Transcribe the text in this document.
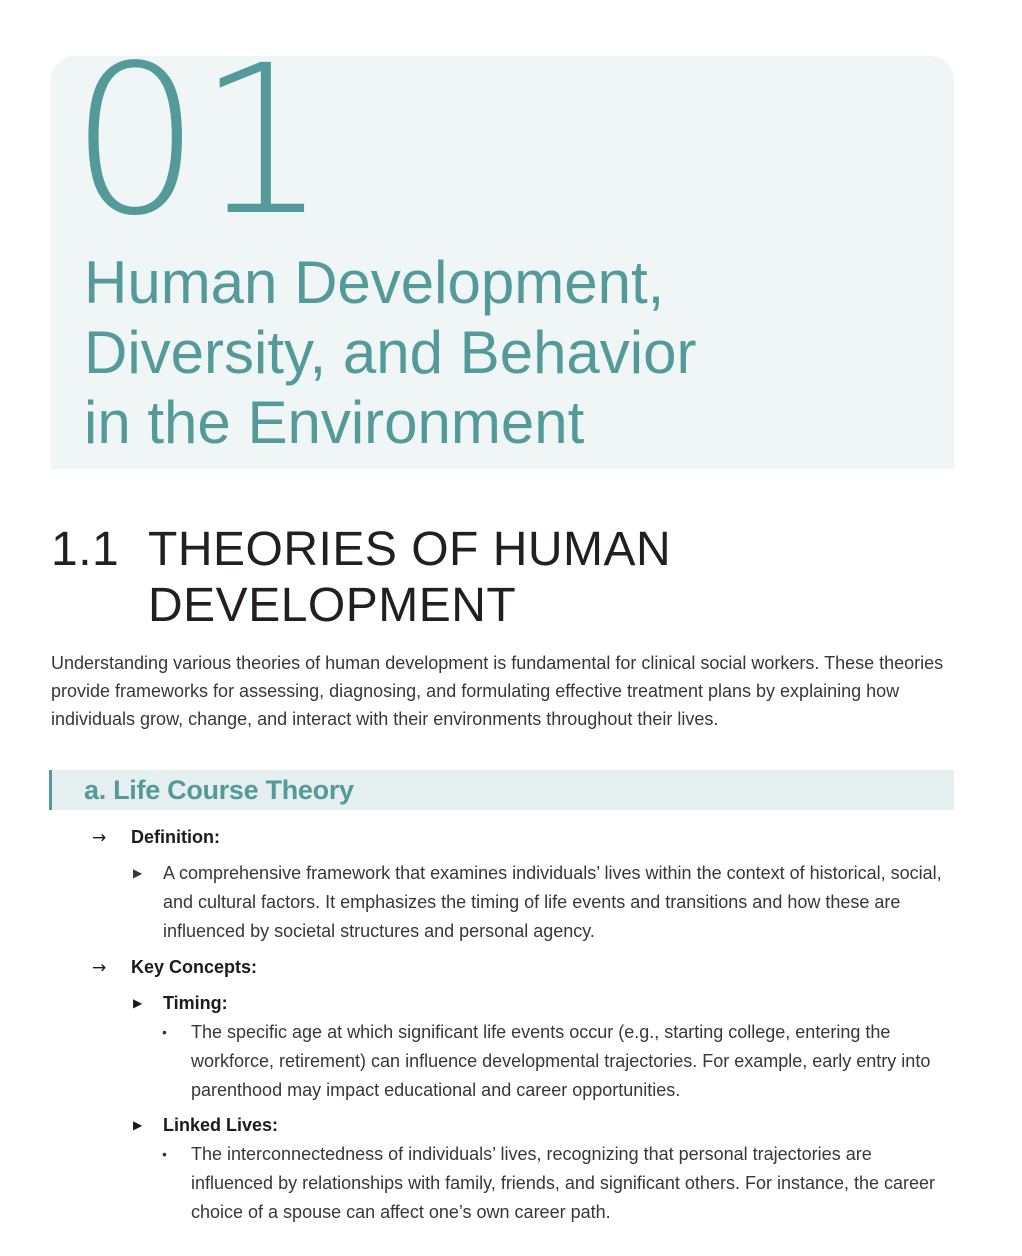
01
Human Development,
Diversity, and Behavior
in the Environment
1.1 THEORIES OF HUMAN
DEVELOPMENT

Understanding various theories of human development is fundamental for clinical social workers. These theories provide frameworks for assessing, diagnosing, and formulating effective treatment plans by explaining how individuals grow, change, and interact with their environments throughout their lives.

a. Life Course Theory
→ Definition:
▶	A comprehensive framework that examines individuals’ lives within the context of historical, social, and cultural factors. It emphasizes the timing of life events and transitions and how these are influenced by societal structures and personal agency.
→ Key Concepts:
▶ Timing:
•	The specific age at which significant life events occur (e.g., starting college, entering the workforce, retirement) can influence developmental trajectories. For example, early entry into parenthood may impact educational and career opportunities.
▶ Linked Lives:
•	The interconnectedness of individuals’ lives, recognizing that personal trajectories are influenced by relationships with family, friends, and significant others. For instance, the career choice of a spouse can affect one’s own career path.
